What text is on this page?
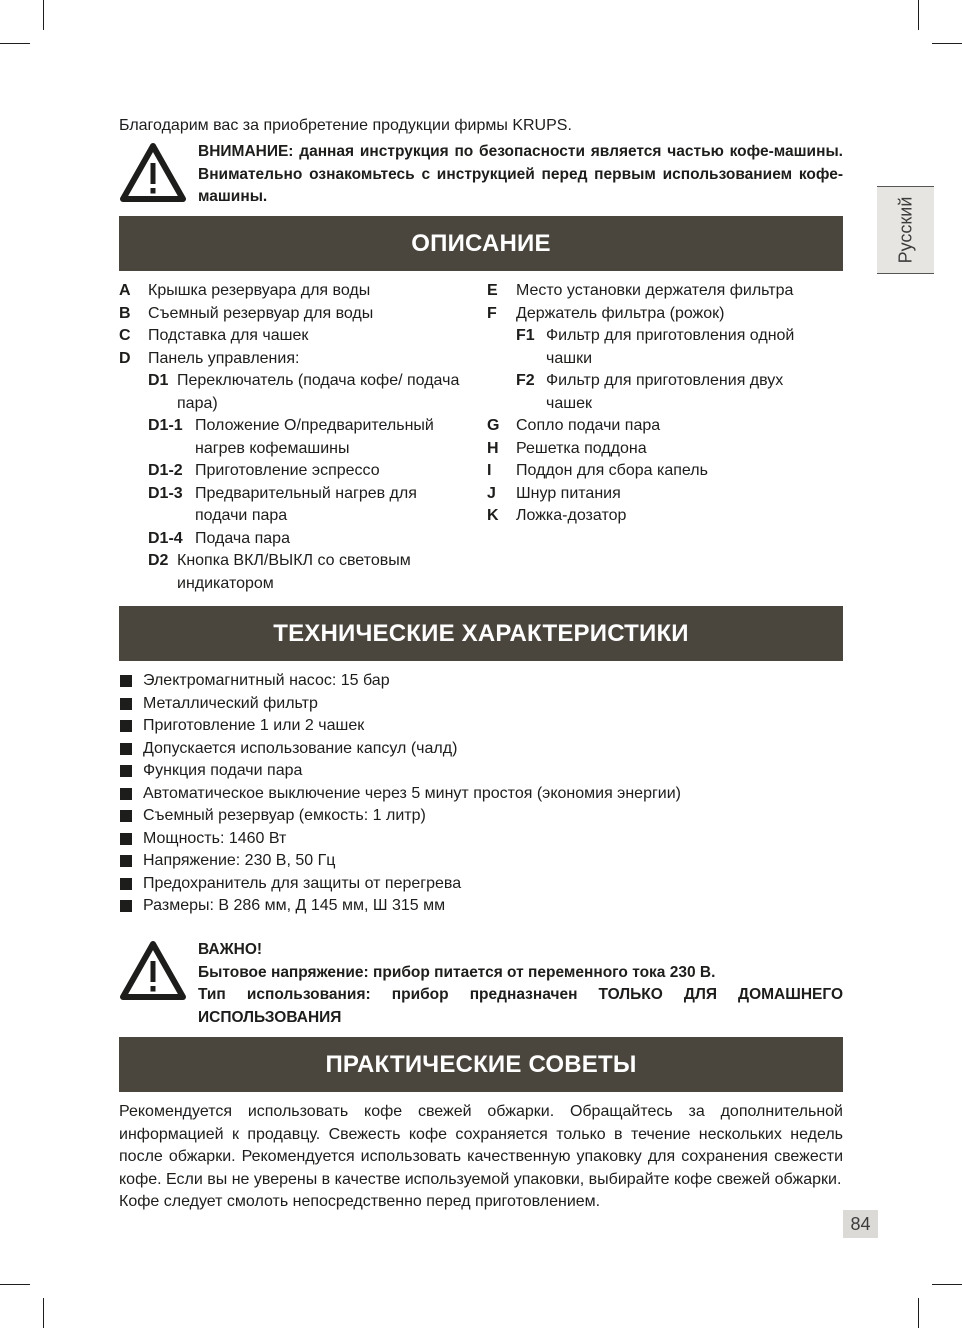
Благодарим вас за приобретение продукции фирмы KRUPS.
ВНИМАНИЕ: данная инструкция по безопасности является частью кофе-машины. Внимательно ознакомьтесь с инструкцией перед первым использованием кофе-машины.
Русский
ОПИСАНИЕ
A	Крышка резервуара для воды
B	Съемный резервуар для воды
C	Подставка для чашек
D	Панель управления:
D1 Переключатель (подача кофе/ подача пара)
D1-1 Положение О/предварительный нагрев кофемашины
D1-2 Приготовление эспрессо
D1-3 Предварительный нагрев для подачи пара
D1-4 Подача пара
D2 Кнопка ВКЛ/ВЫКЛ со световым индикатором
E	Место установки держателя фильтра
F	Держатель фильтра (рожок)
F1 Фильтр для приготовления одной чашки
F2 Фильтр для приготовления двух чашек
G	Сопло подачи пара
H	Решетка поддона
I	Поддон для сбора капель
J	Шнур питания
K	Ложка-дозатор
ТЕХНИЧЕСКИЕ ХАРАКТЕРИСТИКИ
Электромагнитный насос: 15 бар
Металлический фильтр
Приготовление 1 или 2 чашек
Допускается использование капсул (чалд)
Функция подачи пара
Автоматическое выключение через 5 минут простоя (экономия энергии)
Съемный резервуар (емкость: 1 литр)
Мощность: 1460 Вт
Напряжение: 230 В, 50 Гц
Предохранитель для защиты от перегрева
Размеры: В 286 мм, Д 145 мм, Ш 315 мм
ВАЖНО!
Бытовое напряжение: прибор питается от переменного тока 230 В.
Тип использования: прибор предназначен ТОЛЬКО ДЛЯ ДОМАШНЕГО ИСПОЛЬЗОВАНИЯ
ПРАКТИЧЕСКИЕ СОВЕТЫ

Рекомендуется использовать кофе свежей обжарки. Обращайтесь за дополнительной информацией к продавцу. Свежесть кофе сохраняется только в течение нескольких недель после обжарки. Рекомендуется использовать качественную упаковку для сохранения свежести кофе. Если вы не уверены в качестве используемой упаковки, выбирайте кофе свежей обжарки.

Кофе следует смолоть непосредственно перед приготовлением.

84
